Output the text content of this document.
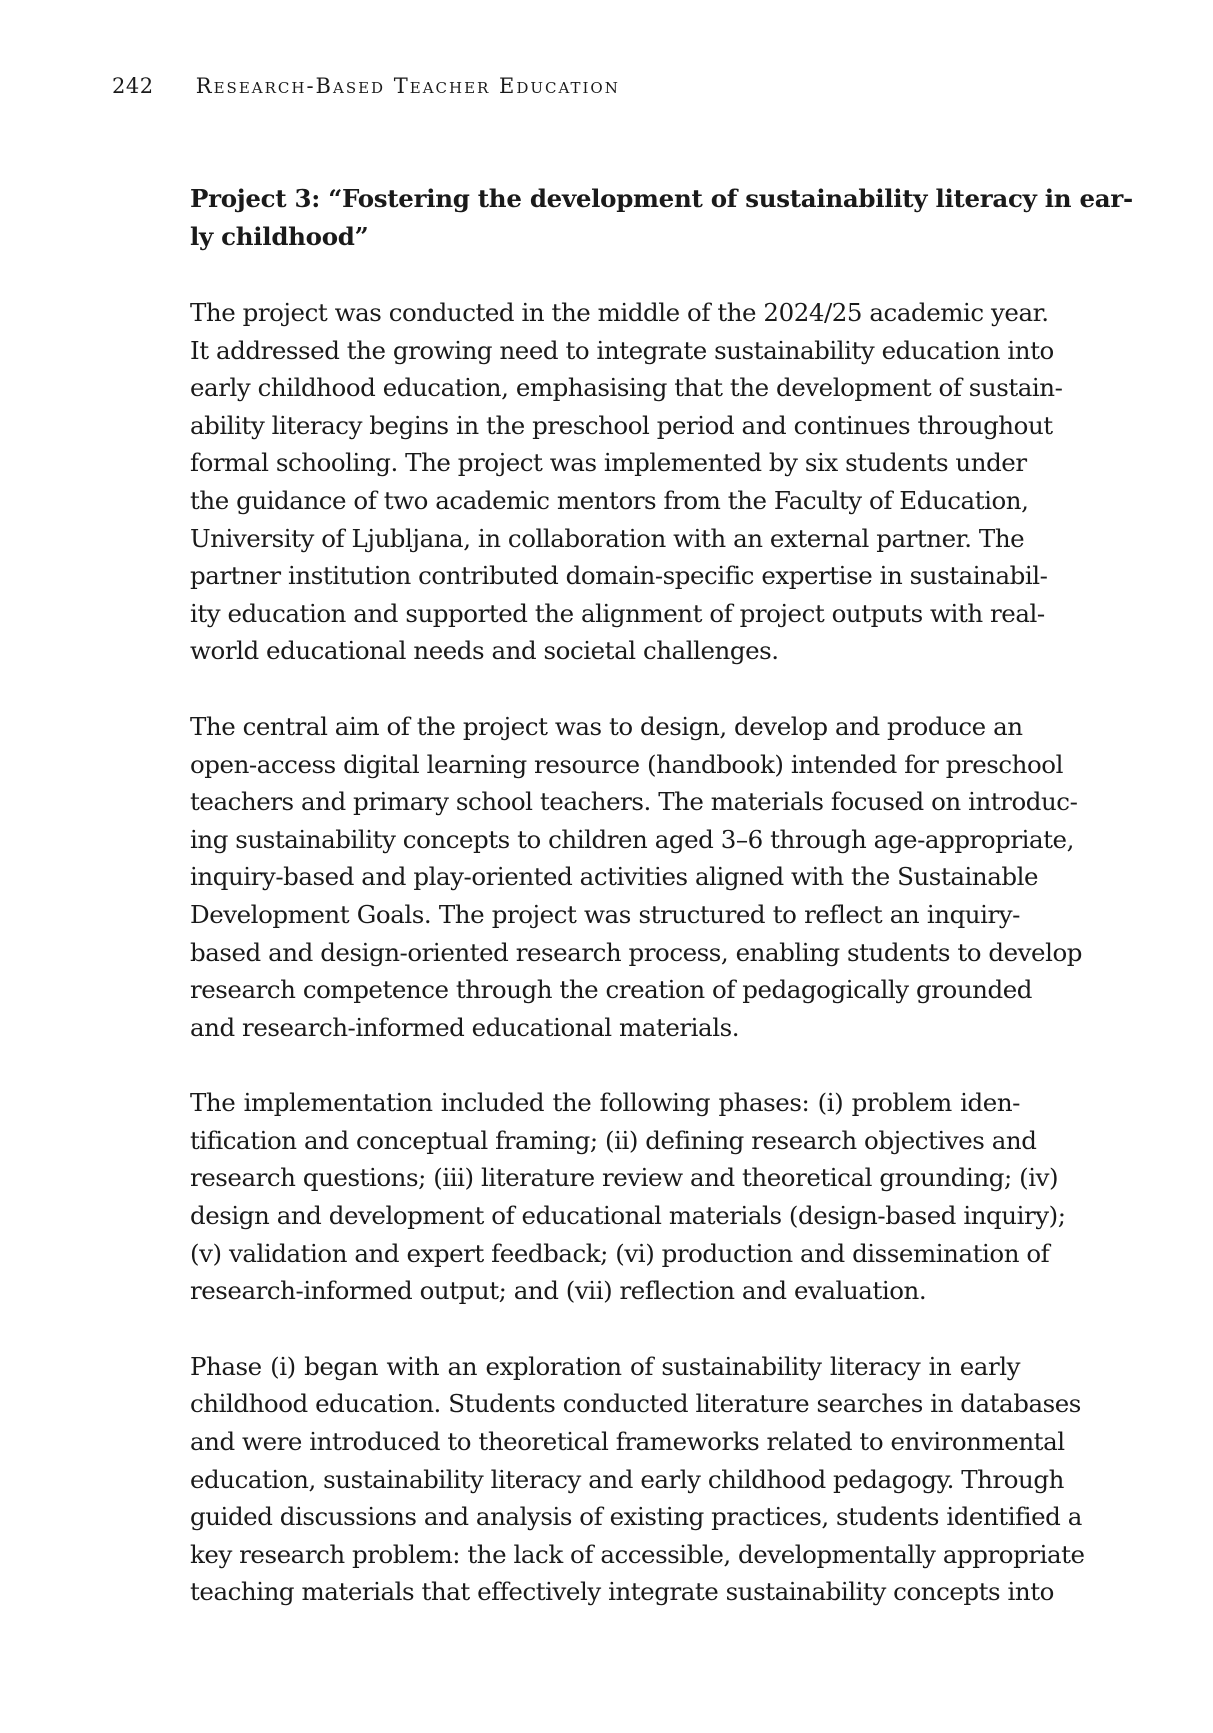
242 Research-Based Teacher Education
Project 3: “Fostering the development of sustainability literacy in ear-
ly childhood”

The project was conducted in the middle of the 2024/25 academic year.
It addressed the growing need to integrate sustainability education into
early childhood education, emphasising that the development of sustain-
ability literacy begins in the preschool period and continues throughout
formal schooling. The project was implemented by six students under
the guidance of two academic mentors from the Faculty of Education,
University of Ljubljana, in collaboration with an external partner. The
partner institution contributed domain-specific expertise in sustainabil-
ity education and supported the alignment of project outputs with real-
world educational needs and societal challenges.

The central aim of the project was to design, develop and produce an
open-access digital learning resource (handbook) intended for preschool
teachers and primary school teachers. The materials focused on introduc-
ing sustainability concepts to children aged 3–6 through age-appropriate,
inquiry-based and play-oriented activities aligned with the Sustainable
Development Goals. The project was structured to reflect an inquiry-
based and design-oriented research process, enabling students to develop
research competence through the creation of pedagogically grounded
and research-informed educational materials.

The implementation included the following phases: (i) problem iden-
tification and conceptual framing; (ii) defining research objectives and
research questions; (iii) literature review and theoretical grounding; (iv)
design and development of educational materials (design-based inquiry);
(v) validation and expert feedback; (vi) production and dissemination of
research-informed output; and (vii) reflection and evaluation.

Phase (i) began with an exploration of sustainability literacy in early
childhood education. Students conducted literature searches in databases
and were introduced to theoretical frameworks related to environmental
education, sustainability literacy and early childhood pedagogy. Through
guided discussions and analysis of existing practices, students identified a
key research problem: the lack of accessible, developmentally appropriate
teaching materials that effectively integrate sustainability concepts into
